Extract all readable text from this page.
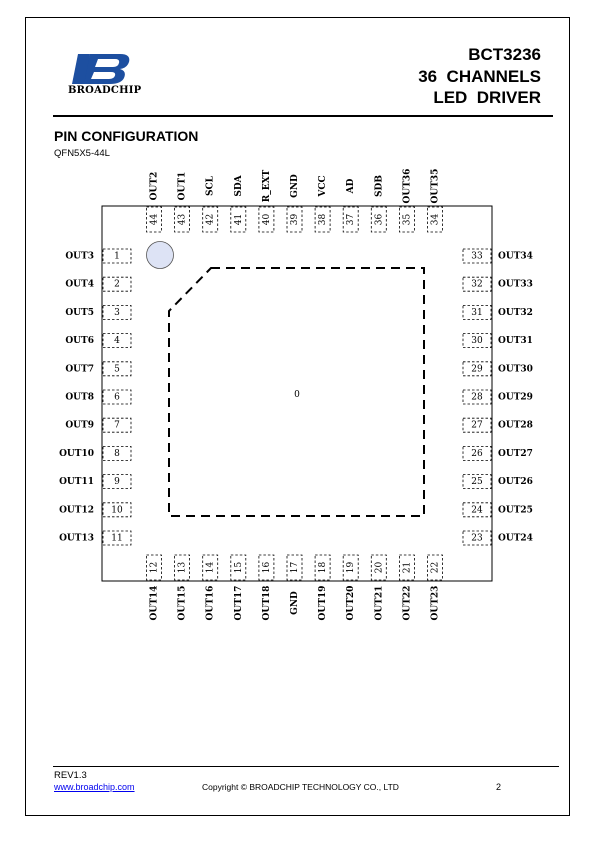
BROADCHIP
BCT3236
36  CHANNELS
LED  DRIVER
PIN CONFIGURATION
QFN5X5-44L
0
44
OUT2
43
OUT1
42
SCL
41
SDA
40
R_EXT
39
GND
38
VCC
37
AD
36
SDB
35
OUT36
34
OUT35
12
OUT14
13
OUT15
14
OUT16
15
OUT17
16
OUT18
17
GND
18
OUT19
19
OUT20
20
OUT21
21
OUT22
22
OUT23
1
OUT3
2
OUT4
3
OUT5
4
OUT6
5
OUT7
6
OUT8
7
OUT9
8
OUT10
9
OUT11
10
OUT12
11
OUT13
33 OUT34
32 OUT33
31 OUT32
30 OUT31
29 OUT30
28 OUT29
27 OUT28
26 OUT27
25 OUT26
24 OUT25
23 OUT24
REV1.3
www.broadchip.com	Copyright © BROADCHIP TECHNOLOGY CO., LTD	2
